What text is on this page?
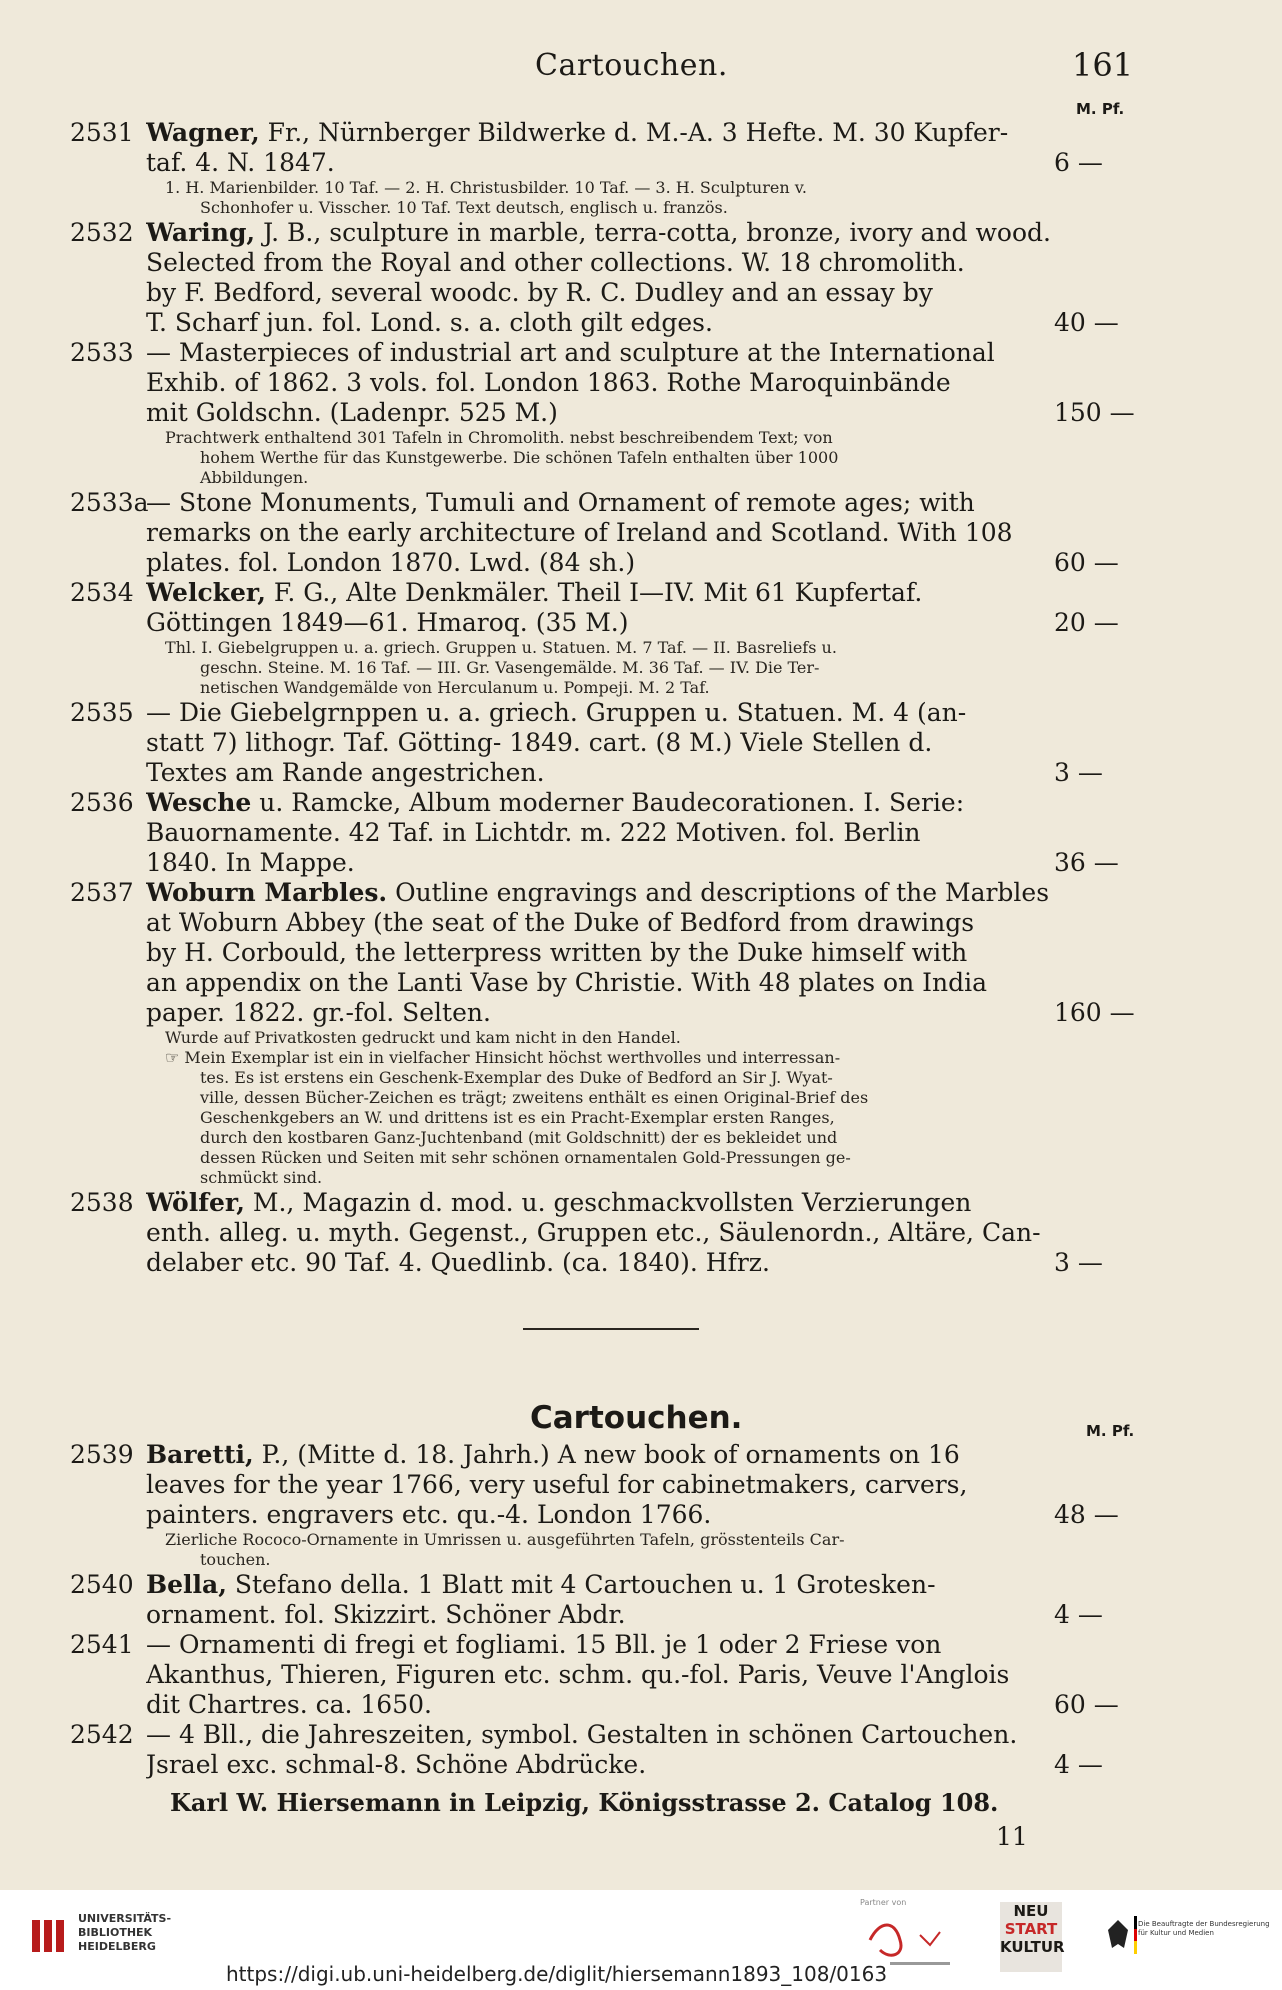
Cartouchen.	161
M. Pf.
2531 Wagner, Fr., Nürnberger Bildwerke d. M.-A. 3 Hefte. M. 30 Kupfer-
taf. 4. N. 1847.	6 —
1. H. Marienbilder. 10 Taf. — 2. H. Christusbilder. 10 Taf. — 3. H. Sculpturen v.
Schonhofer u. Visscher. 10 Taf. Text deutsch, englisch u. französ.
2532 Waring, J. B., sculpture in marble, terra-cotta, bronze, ivory and wood.
Selected from the Royal and other collections. W. 18 chromolith.
by F. Bedford, several woodc. by R. C. Dudley and an essay by
T. Scharf jun. fol. Lond. s. a. cloth gilt edges.	40 —
2533 — Masterpieces of industrial art and sculpture at the International
Exhib. of 1862. 3 vols. fol. London 1863. Rothe Maroquinbände
mit Goldschn. (Ladenpr. 525 M.)	150 —
Prachtwerk enthaltend 301 Tafeln in Chromolith. nebst beschreibendem Text; von
hohem Werthe für das Kunstgewerbe. Die schönen Tafeln enthalten über 1000
Abbildungen.
2533a
— Stone Monuments, Tumuli and Ornament of remote ages; with
remarks on the early architecture of Ireland and Scotland. With 108
plates. fol. London 1870. Lwd. (84 sh.)	60 —
2534 Welcker, F. G., Alte Denkmäler. Theil I—IV. Mit 61 Kupfertaf.
Göttingen 1849—61. Hmaroq. (35 M.)	20 —
Thl. I. Giebelgruppen u. a. griech. Gruppen u. Statuen. M. 7 Taf. — II. Basreliefs u.
geschn. Steine. M. 16 Taf. — III. Gr. Vasengemälde. M. 36 Taf. — IV. Die Ter-
netischen Wandgemälde von Herculanum u. Pompeji. M. 2 Taf.
2535 — Die Giebelgrnppen u. a. griech. Gruppen u. Statuen. M. 4 (an-
statt 7) lithogr. Taf. Götting- 1849. cart. (8 M.) Viele Stellen d.
Textes am Rande angestrichen.	3 —
2536 Wesche u. Ramcke, Album moderner Baudecorationen. I. Serie:
Bauornamente. 42 Taf. in Lichtdr. m. 222 Motiven. fol. Berlin
1840. In Mappe.	36 —
2537 Woburn Marbles. Outline engravings and descriptions of the Marbles
at Woburn Abbey (the seat of the Duke of Bedford from drawings
by H. Corbould, the letterpress written by the Duke himself with
an appendix on the Lanti Vase by Christie. With 48 plates on India
paper. 1822. gr.-fol. Selten.	160 —
Wurde auf Privatkosten gedruckt und kam nicht in den Handel.
☞ Mein Exemplar ist ein in vielfacher Hinsicht höchst werthvolles und interressan-
tes. Es ist erstens ein Geschenk-Exemplar des Duke of Bedford an Sir J. Wyat-
ville, dessen Bücher-Zeichen es trägt; zweitens enthält es einen Original-Brief des
Geschenkgebers an W. und drittens ist es ein Pracht-Exemplar ersten Ranges,
durch den kostbaren Ganz-Juchtenband (mit Goldschnitt) der es bekleidet und
dessen Rücken und Seiten mit sehr schönen ornamentalen Gold-Pressungen ge-
schmückt sind.
2538 Wölfer, M., Magazin d. mod. u. geschmackvollsten Verzierungen
enth. alleg. u. myth. Gegenst., Gruppen etc., Säulenordn., Altäre, Can-
delaber etc. 90 Taf. 4. Quedlinb. (ca. 1840). Hfrz.	3 —
Cartouchen.	M. Pf.
2539 Baretti, P., (Mitte d. 18. Jahrh.) A new book of ornaments on 16
leaves for the year 1766, very useful for cabinetmakers, carvers,
painters. engravers etc. qu.-4. London 1766.	48 —
Zierliche Rococo-Ornamente in Umrissen u. ausgeführten Tafeln, grösstenteils Car-
touchen.
2540 Bella, Stefano della. 1 Blatt mit 4 Cartouchen u. 1 Grotesken-
ornament. fol. Skizzirt. Schöner Abdr.	4 —
2541 — Ornamenti di fregi et fogliami. 15 Bll. je 1 oder 2 Friese von
Akanthus, Thieren, Figuren etc. schm. qu.-fol. Paris, Veuve l'Anglois
dit Chartres. ca. 1650.	60 —
2542 — 4 Bll., die Jahreszeiten, symbol. Gestalten in schönen Cartouchen.
Jsrael exc. schmal-8. Schöne Abdrücke.	4 —
Karl W. Hiersemann in Leipzig, Königsstrasse 2. Catalog 108.
11
UNIVERSITÄTS-
BIBLIOTHEK
HEIDELBERG
Partner von	NEU
START
KULTUR
Die Beauftragte der Bundesregierung
für Kultur und Medien
https://digi.ub.uni-heidelberg.de/diglit/hiersemann1893_108/0163
